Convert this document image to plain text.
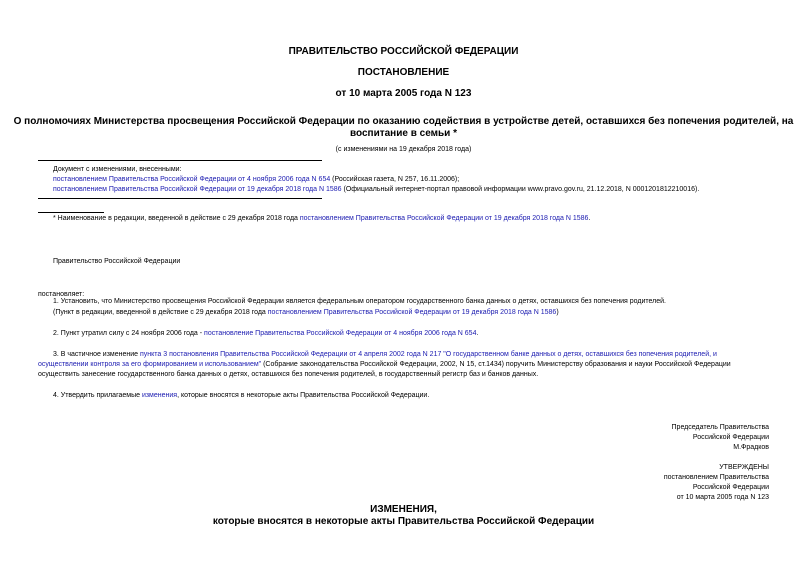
ПРАВИТЕЛЬСТВО РОССИЙСКОЙ ФЕДЕРАЦИИ
ПОСТАНОВЛЕНИЕ
от 10 марта 2005 года N 123
О полномочиях Министерства просвещения Российской Федерации по оказанию содействия в устройстве детей, оставшихся без попечения родителей, на
воспитание в семьи *
(с изменениями на 19 декабря 2018 года)
Документ с изменениями, внесенными:
постановлением Правительства Российской Федерации от 4 ноября 2006 года N 654 (Российская газета, N 257, 16.11.2006);
постановлением Правительства Российской Федерации от 19 декабря 2018 года N 1586 (Официальный интернет-портал правовой информации www.pravo.gov.ru, 21.12.2018, N 0001201812210016).
* Наименование в редакции, введенной в действие с 29 декабря 2018 года постановлением Правительства Российской Федерации от 19 декабря 2018 года N 1586.
Правительство Российской Федерации
постановляет:
1. Установить, что Министерство просвещения Российской Федерации является федеральным оператором государственного банка данных о детях, оставшихся без попечения родителей.
(Пункт в редакции, введенной в действие с 29 декабря 2018 года постановлением Правительства Российской Федерации от 19 декабря 2018 года N 1586)
2. Пункт утратил силу с 24 ноября 2006 года - постановление Правительства Российской Федерации от 4 ноября 2006 года N 654.
3. В частичное изменение пункта 3 постановления Правительства Российской Федерации от 4 апреля 2002 года N 217 "О государственном банке данных о детях, оставшихся без попечения родителей, и
осуществлении контроля за его формированием и использованием" (Собрание законодательства Российской Федерации, 2002, N 15, ст.1434) поручить Министерству образования и науки Российской Федерации
осуществить занесение государственного банка данных о детях, оставшихся без попечения родителей, в государственный регистр баз и банков данных.
4. Утвердить прилагаемые изменения, которые вносятся в некоторые акты Правительства Российской Федерации.
Председатель Правительства
Российской Федерации
М.Фрадков
УТВЕРЖДЕНЫ
постановлением Правительства
Российской Федерации
от 10 марта 2005 года N 123
ИЗМЕНЕНИЯ,
которые вносятся в некоторые акты Правительства Российской Федерации
